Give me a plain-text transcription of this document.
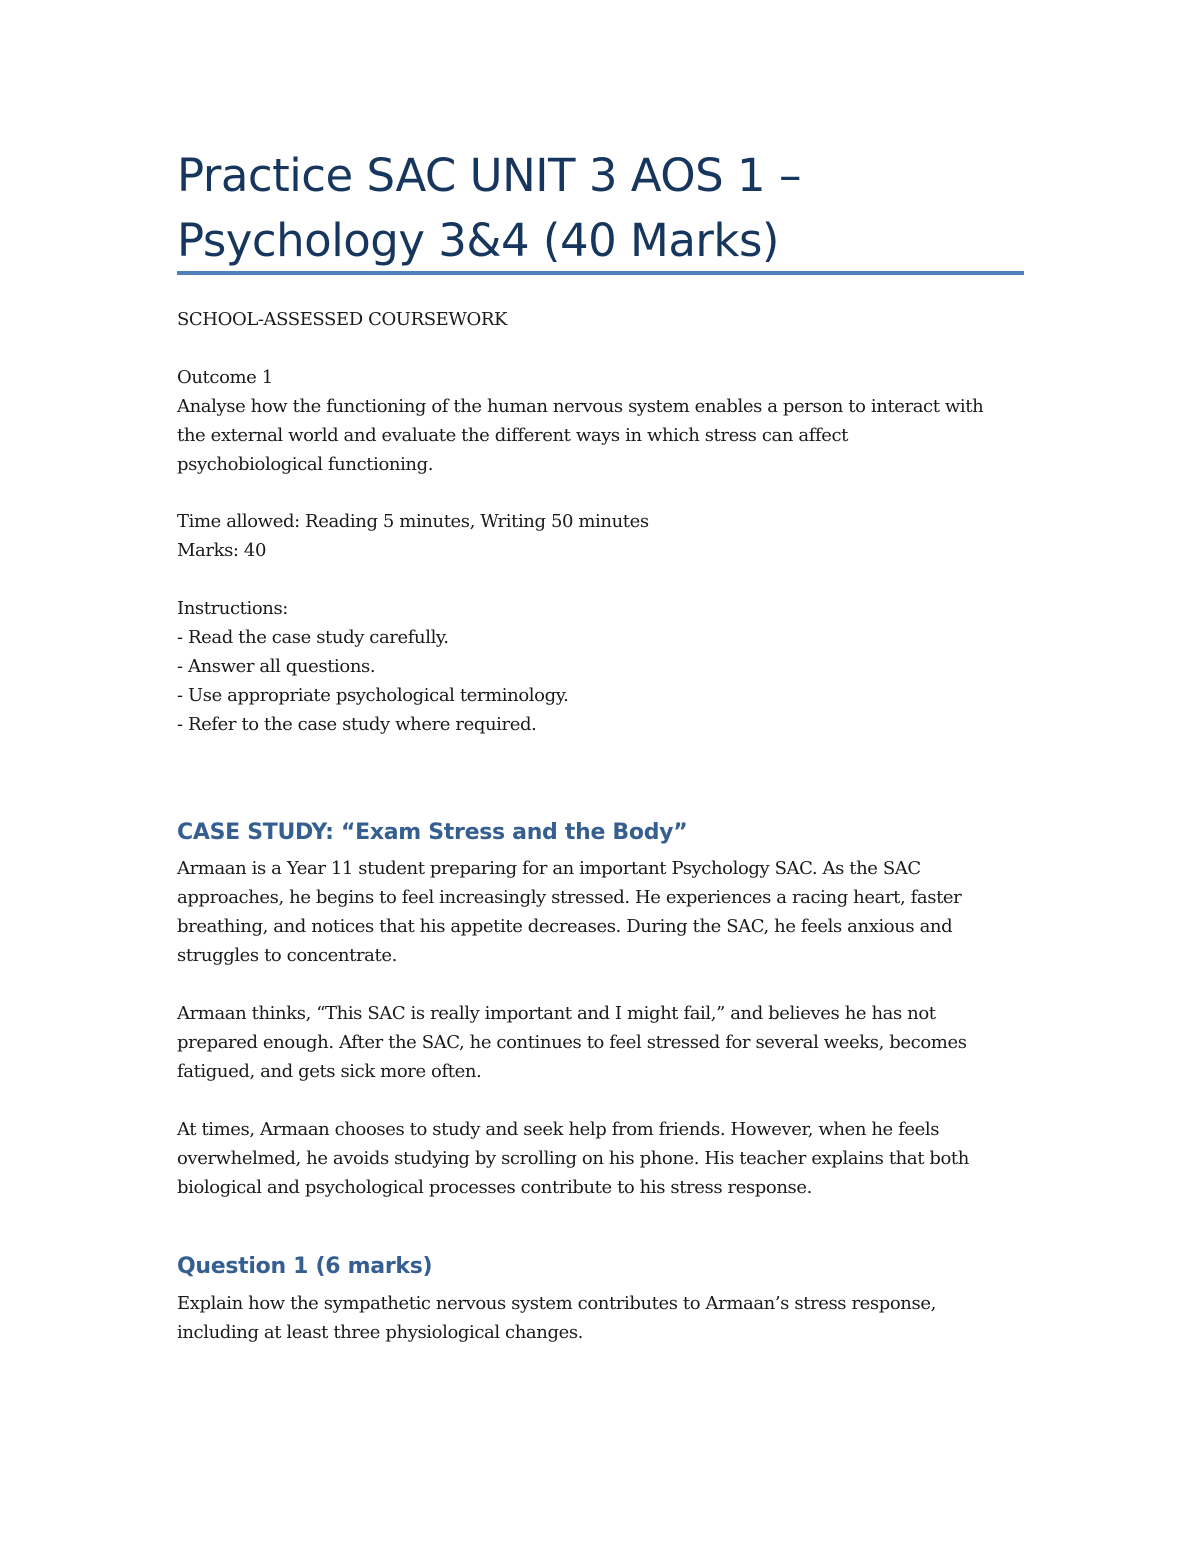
Practice SAC UNIT 3 AOS 1 – Psychology 3&4 (40 Marks)
SCHOOL-ASSESSED COURSEWORK
Outcome 1
Analyse how the functioning of the human nervous system enables a person to interact with
the external world and evaluate the different ways in which stress can affect
psychobiological functioning.
Time allowed: Reading 5 minutes, Writing 50 minutes
Marks: 40
Instructions:
- Read the case study carefully.
- Answer all questions.
- Use appropriate psychological terminology.
- Refer to the case study where required.
CASE STUDY: “Exam Stress and the Body”
Armaan is a Year 11 student preparing for an important Psychology SAC. As the SAC
approaches, he begins to feel increasingly stressed. He experiences a racing heart, faster
breathing, and notices that his appetite decreases. During the SAC, he feels anxious and
struggles to concentrate.
Armaan thinks, “This SAC is really important and I might fail,” and believes he has not
prepared enough. After the SAC, he continues to feel stressed for several weeks, becomes
fatigued, and gets sick more often.
At times, Armaan chooses to study and seek help from friends. However, when he feels
overwhelmed, he avoids studying by scrolling on his phone. His teacher explains that both
biological and psychological processes contribute to his stress response.
Question 1 (6 marks)
Explain how the sympathetic nervous system contributes to Armaan’s stress response,
including at least three physiological changes.
